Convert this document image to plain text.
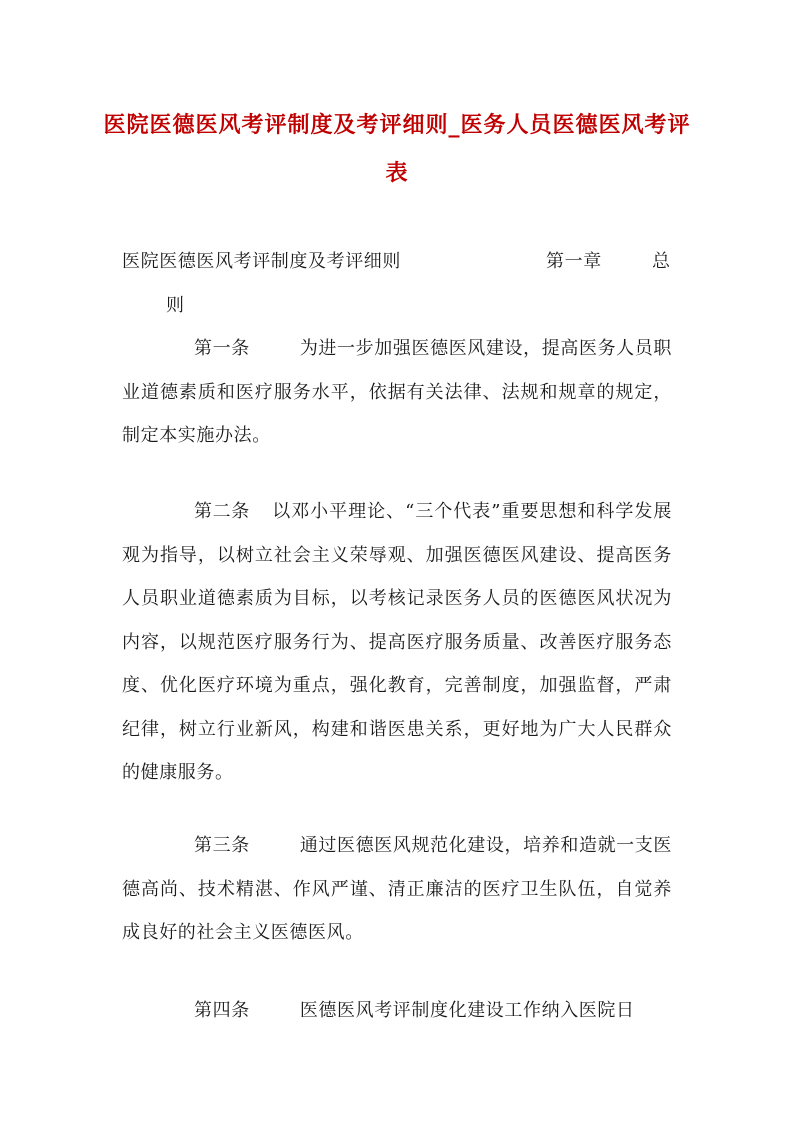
医院医德医风考评制度及考评细则_医务人员医德医风考评表
医院医德医风考评制度及考评细则	第一章	总
则

第一条	为进一步加强医德医风建设，提高医务人员职业道德素质和医疗服务水平，依据有关法律、法规和规章的规定，制定本实施办法。

第二条 以邓小平理论、“三个代表”重要思想和科学发展观为指导，以树立社会主义荣辱观、加强医德医风建设、提高医务人员职业道德素质为目标，以考核记录医务人员的医德医风状况为内容，以规范医疗服务行为、提高医疗服务质量、改善医疗服务态度、优化医疗环境为重点，强化教育，完善制度，加强监督，严肃纪律，树立行业新风，构建和谐医患关系，更好地为广大人民群众的健康服务。

第三条	通过医德医风规范化建设，培养和造就一支医德高尚、技术精湛、作风严谨、清正廉洁的医疗卫生队伍，自觉养成良好的社会主义医德医风。

第四条	医德医风考评制度化建设工作纳入医院日
